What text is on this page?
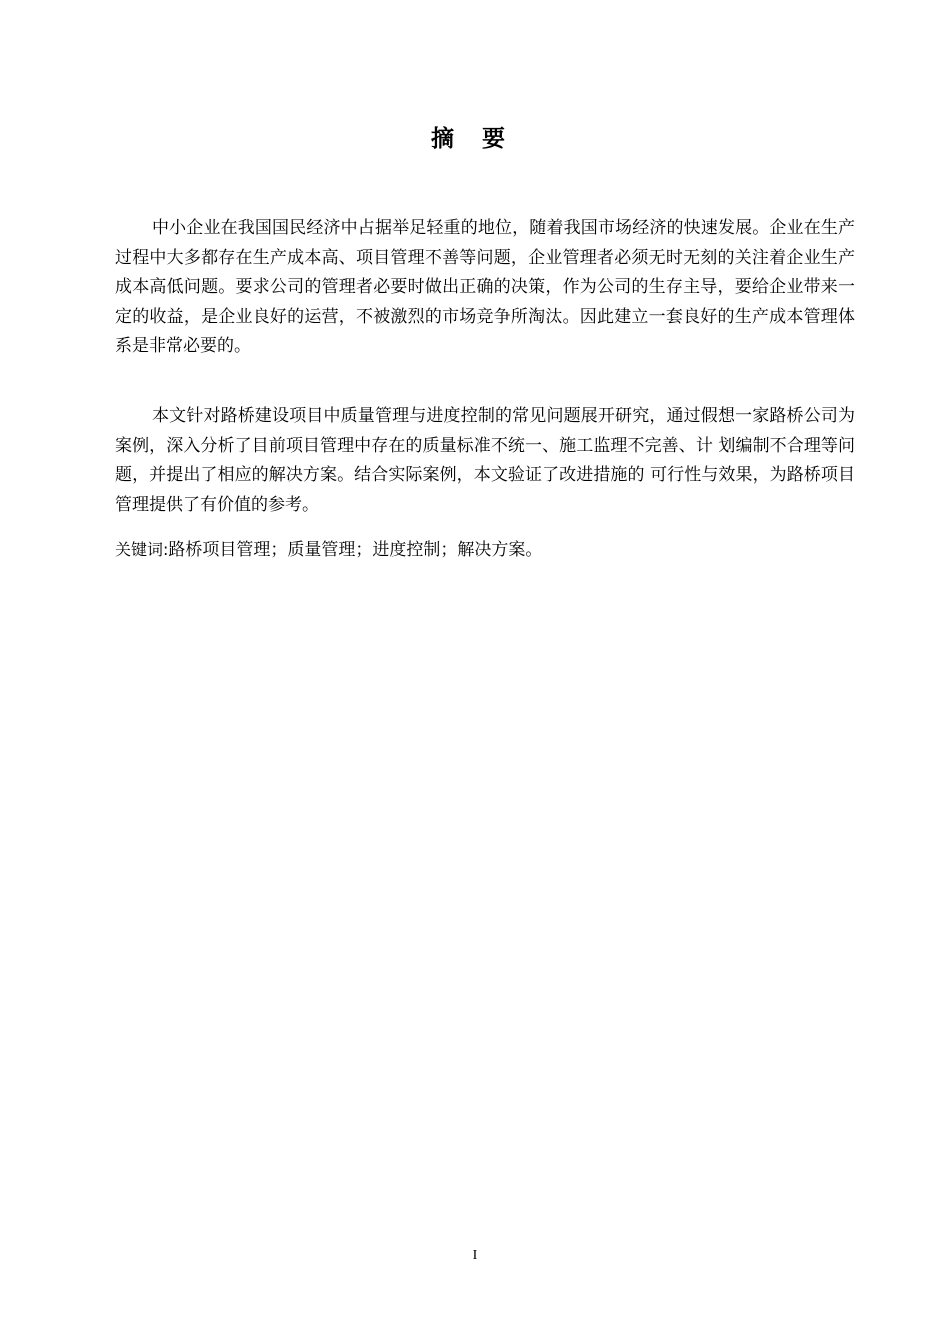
摘要

中小企业在我国国民经济中占据举足轻重的地位，随着我国市场经济的快速发展。企业在生产过程中大多都存在生产成本高、项目管理不善等问题，企业管理者必须无时无刻的关注着企业生产成本高低问题。要求公司的管理者必要时做出正确的决策，作为公司的生存主导，要给企业带来一定的收益，是企业良好的运营，不被激烈的市场竞争所淘汰。因此建立一套良好的生产成本管理体系是非常必要的。

本文针对路桥建设项目中质量管理与进度控制的常见问题展开研究，通过假想一家路桥公司为案例，深入分析了目前项目管理中存在的质量标准不统一、施工监理不完善、计 划编制不合理等问题，并提出了相应的解决方案。结合实际案例，本文验证了改进措施的 可行性与效果，为路桥项目管理提供了有价值的参考。

关键词:路桥项目管理；质量管理；进度控制；解决方案。

I
